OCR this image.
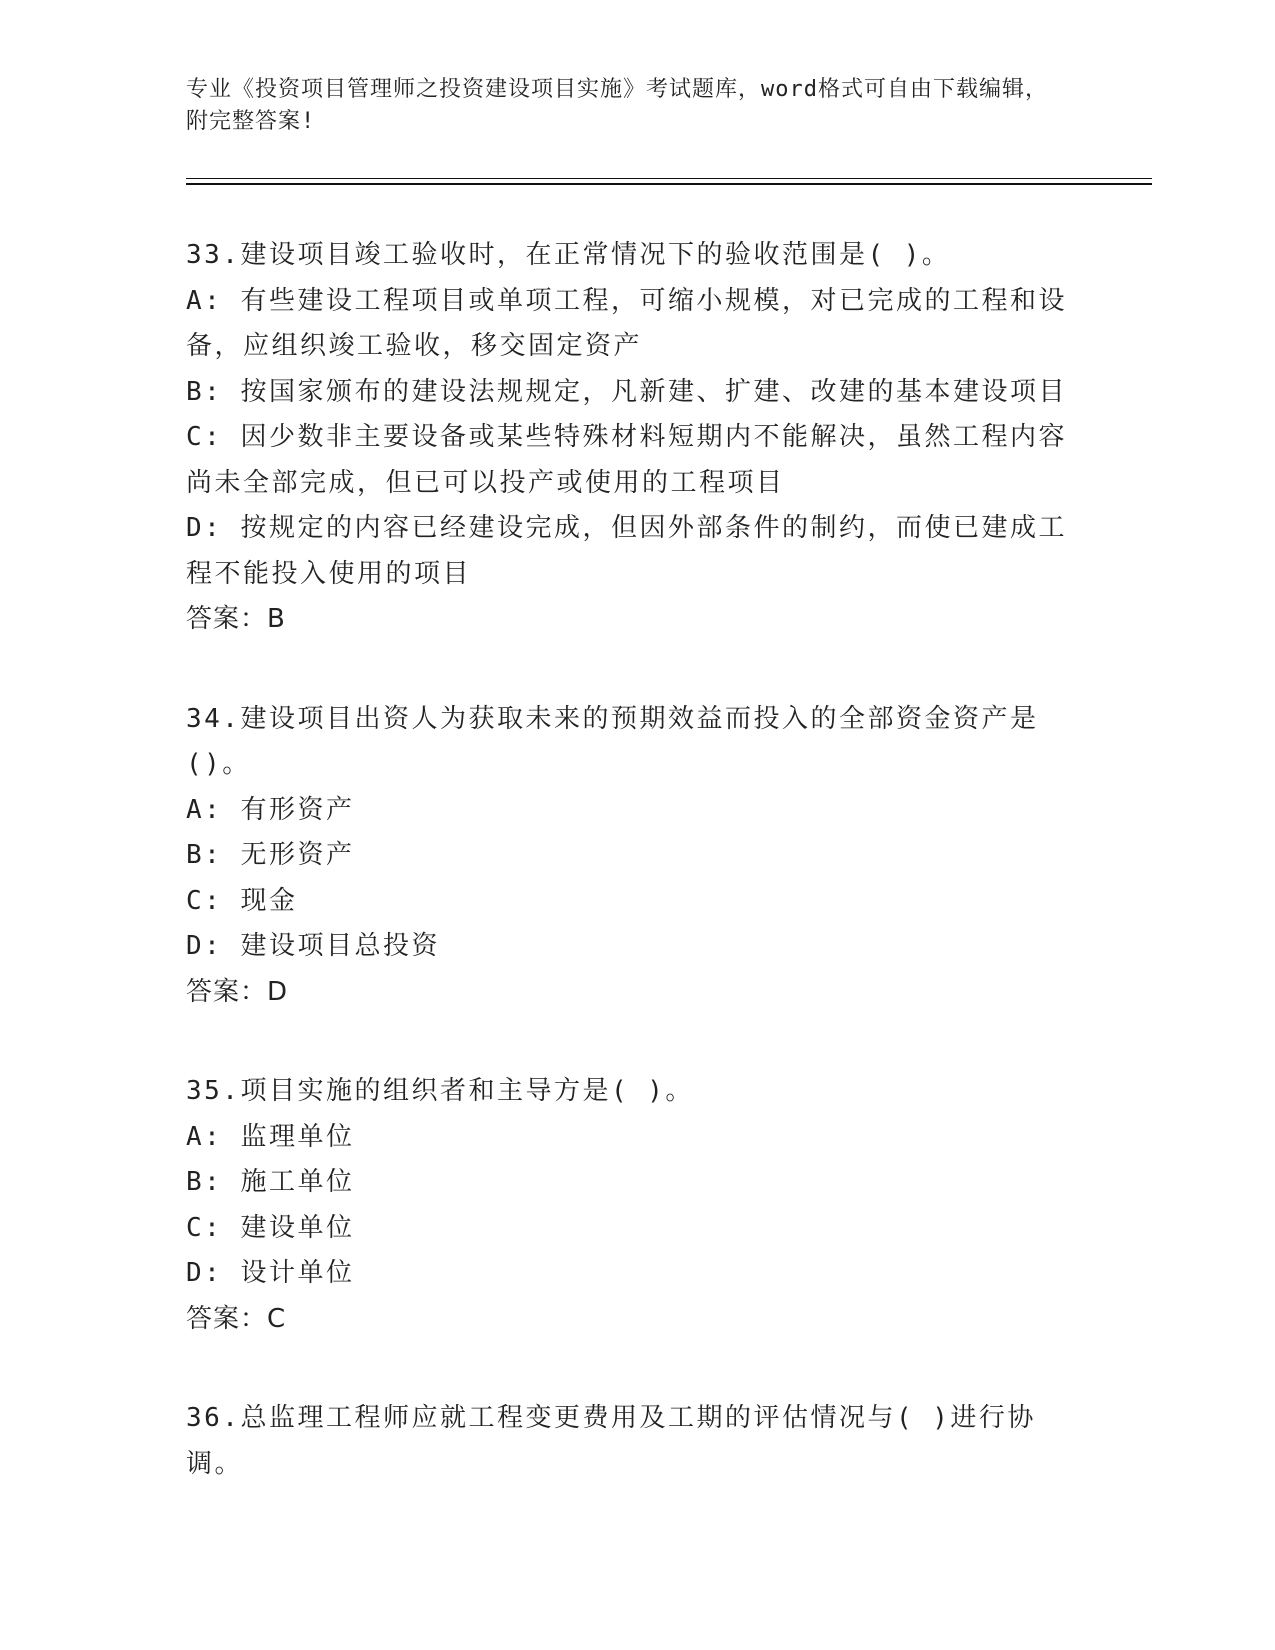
专业《投资项目管理师之投资建设项目实施》考试题库，word格式可自由下载编辑，附完整答案!

33.建设项目竣工验收时，在正常情况下的验收范围是( )。

A: 有些建设工程项目或单项工程，可缩小规模，对已完成的工程和设备，应组织竣工验收，移交固定资产

B: 按国家颁布的建设法规规定，凡新建、扩建、改建的基本建设项目

C: 因少数非主要设备或某些特殊材料短期内不能解决，虽然工程内容尚未全部完成，但已可以投产或使用的工程项目

D: 按规定的内容已经建设完成，但因外部条件的制约，而使已建成工程不能投入使用的项目

答案：B

34.建设项目出资人为获取未来的预期效益而投入的全部资金资产是()。

A: 有形资产

B: 无形资产

C: 现金

D: 建设项目总投资

答案：D

35.项目实施的组织者和主导方是( )。

A: 监理单位

B: 施工单位

C: 建设单位

D: 设计单位

答案：C

36.总监理工程师应就工程变更费用及工期的评估情况与( )进行协调。
